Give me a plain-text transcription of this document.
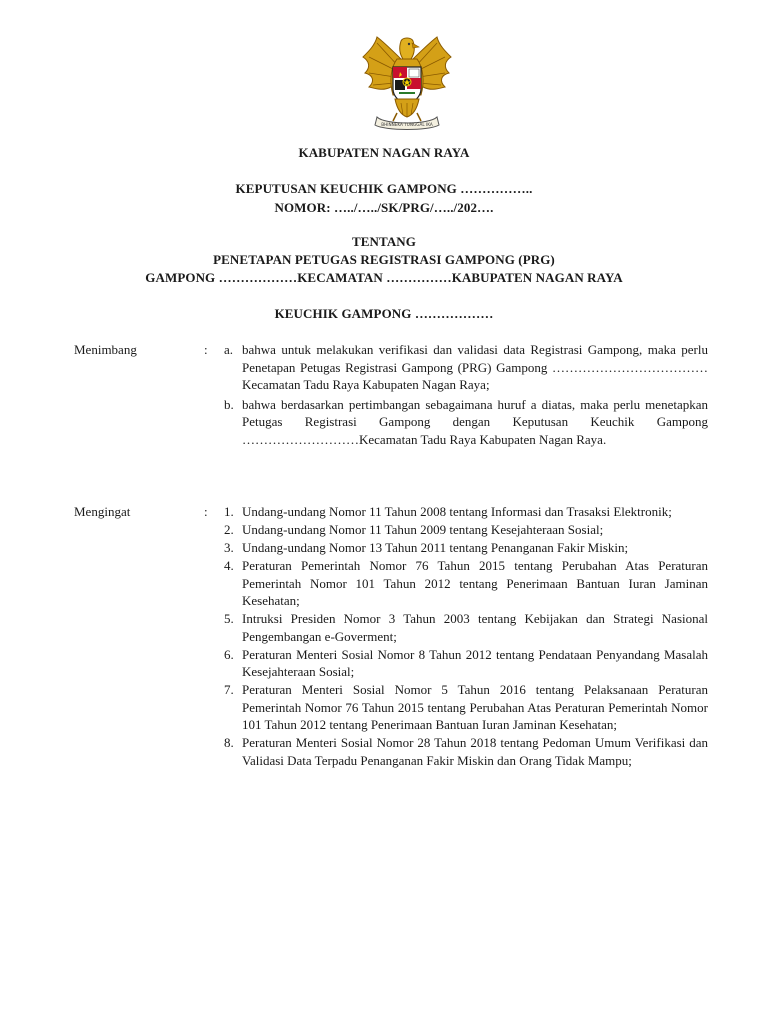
BHINNEKA TUNGGAL IKA
KABUPATEN NAGAN RAYA
KEPUTUSAN KEUCHIK GAMPONG ……………..
NOMOR: …../…../SK/PRG/…../202….
TENTANG
PENETAPAN PETUGAS REGISTRASI GAMPONG (PRG)
GAMPONG ………………KECAMATAN ……………KABUPATEN NAGAN RAYA
KEUCHIK GAMPONG ………………
Menimbang	: a. bahwa untuk melakukan verifikasi dan validasi data Registrasi Gampong, maka perlu Penetapan Petugas Registrasi Gampong (PRG) Gampong ………………………………Kecamatan Tadu Raya Kabupaten Nagan Raya;
b. bahwa berdasarkan pertimbangan sebagaimana huruf a diatas, maka perlu menetapkan Petugas Registrasi Gampong dengan Keputusan Keuchik Gampong ………………………Kecamatan Tadu Raya Kabupaten Nagan Raya.
Mengingat	: 1. Undang-undang Nomor 11 Tahun 2008 tentang Informasi dan Trasaksi Elektronik;
2. Undang-undang Nomor 11 Tahun 2009 tentang Kesejahteraan Sosial;
3. Undang-undang Nomor 13 Tahun 2011 tentang Penanganan Fakir Miskin;
4. Peraturan Pemerintah Nomor 76 Tahun 2015 tentang Perubahan Atas Peraturan Pemerintah Nomor 101 Tahun 2012 tentang Penerimaan Bantuan Iuran Jaminan Kesehatan;
5. Intruksi Presiden Nomor 3 Tahun 2003 tentang Kebijakan dan Strategi Nasional Pengembangan e-Goverment;
6. Peraturan Menteri Sosial Nomor 8 Tahun 2012 tentang Pendataan Penyandang Masalah Kesejahteraan Sosial;
7. Peraturan Menteri Sosial Nomor 5 Tahun 2016 tentang Pelaksanaan Peraturan Pemerintah Nomor 76 Tahun 2015 tentang Perubahan Atas Peraturan Pemerintah Nomor 101 Tahun 2012 tentang Penerimaan Bantuan Iuran Jaminan Kesehatan;
8. Peraturan Menteri Sosial Nomor 28 Tahun 2018 tentang Pedoman Umum Verifikasi dan Validasi Data Terpadu Penanganan Fakir Miskin dan Orang Tidak Mampu;
